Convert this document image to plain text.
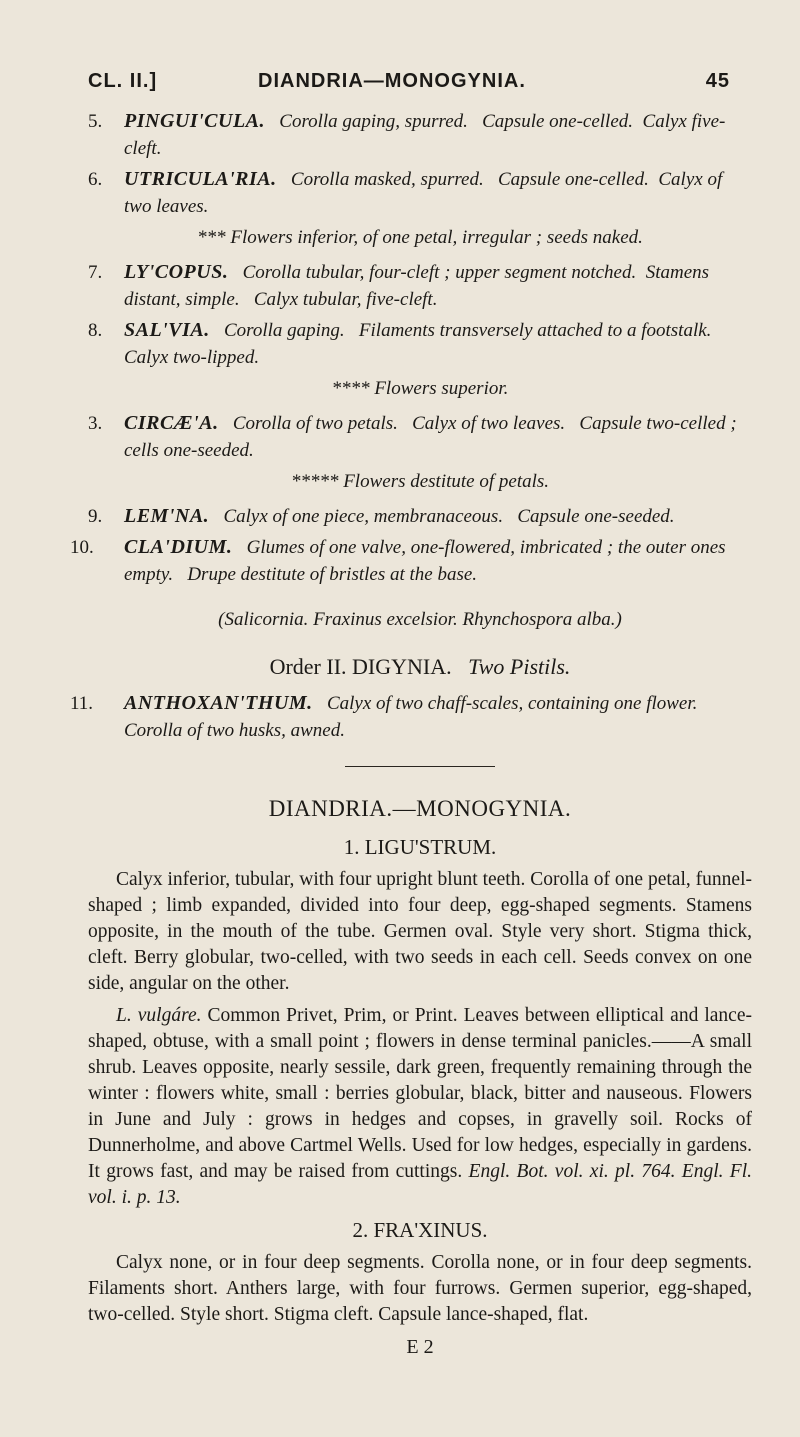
CL. II.]	DIANDRIA—MONOGYNIA.	45
5.	PINGUI'CULA. Corolla gaping, spurred. Capsule one-celled. Calyx five-cleft.
6.	UTRICULA'RIA. Corolla masked, spurred. Capsule one-celled. Calyx of two leaves.
*** Flowers inferior, of one petal, irregular ; seeds naked.
7.	LY'COPUS. Corolla tubular, four-cleft ; upper segment notched. Stamens distant, simple. Calyx tubular, five-cleft.
8.	SAL'VIA. Corolla gaping. Filaments transversely attached to a footstalk.   Calyx two-lipped.
**** Flowers superior.
3.	CIRCÆ'A. Corolla of two petals. Calyx of two leaves. Capsule two-celled ; cells one-seeded.
***** Flowers destitute of petals.
9.	LEM'NA. Calyx of one piece, membranaceous. Capsule one-seeded.
10.	CLA'DIUM. Glumes of one valve, one-flowered, imbricated ; the outer ones empty. Drupe destitute of bristles at the base.
(Salicornia. Fraxinus excelsior. Rhynchospora alba.)
Order II. DIGYNIA. Two Pistils.
11.	ANTHOXAN'THUM. Calyx of two chaff-scales, containing one flower.   Corolla of two husks, awned.
DIANDRIA.—MONOGYNIA.
1. LIGU'STRUM.

Calyx inferior, tubular, with four upright blunt teeth. Corolla of one petal, funnel-shaped ; limb expanded, divided into four deep, egg-shaped segments. Stamens opposite, in the mouth of the tube. Germen oval. Style very short. Stigma thick, cleft. Berry globular, two-celled, with two seeds in each cell. Seeds convex on one side, angular on the other.

L. vulgáre. Common Privet, Prim, or Print. Leaves between elliptical and lance-shaped, obtuse, with a small point ; flowers in dense terminal panicles.——A small shrub. Leaves opposite, nearly sessile, dark green, frequently remaining through the winter : flowers white, small : berries globular, black, bitter and nauseous. Flowers in June and July : grows in hedges and copses, in gravelly soil. Rocks of Dunnerholme, and above Cartmel Wells. Used for low hedges, especially in gardens. It grows fast, and may be raised from cuttings. Engl. Bot. vol. xi. pl. 764. Engl. Fl. vol. i. p. 13.

2. FRA'XINUS.

Calyx none, or in four deep segments. Corolla none, or in four deep segments. Filaments short. Anthers large, with four furrows. Germen superior, egg-shaped, two-celled. Style short. Stigma cleft. Capsule lance-shaped, flat.

E 2
